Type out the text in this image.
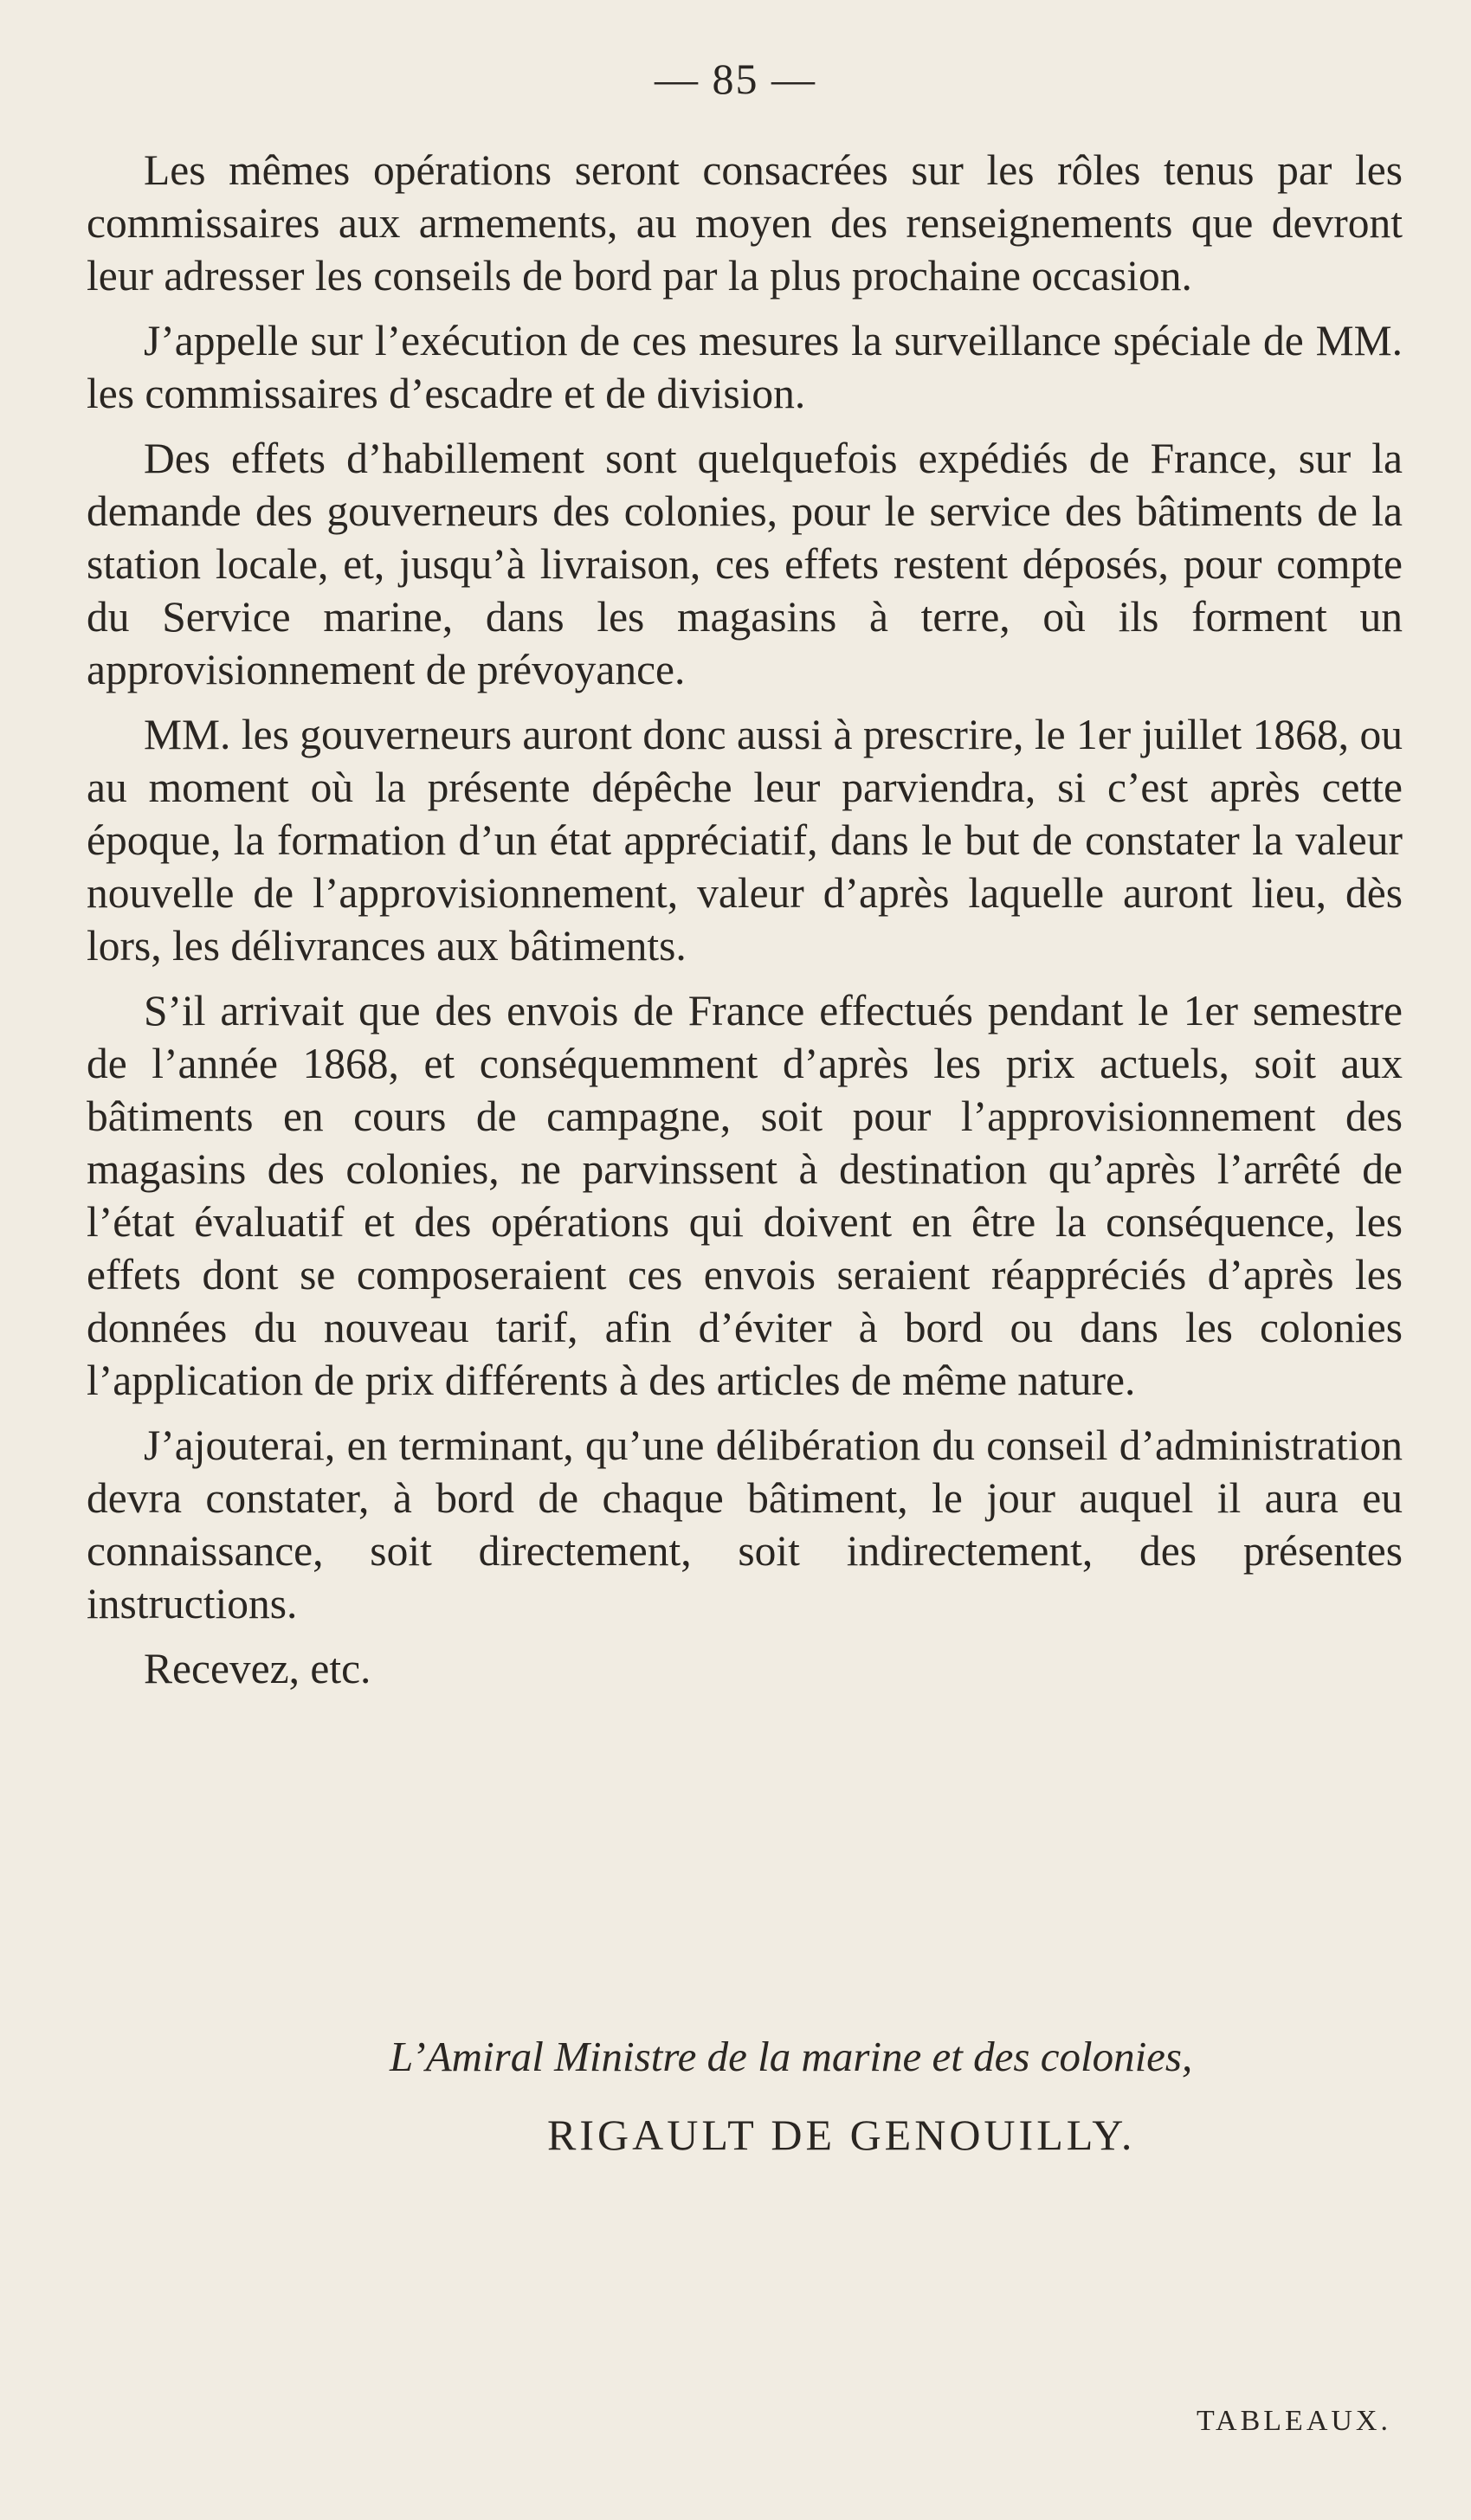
— 85 —

Les mêmes opérations seront consacrées sur les rôles tenus par les commissaires aux armements, au moyen des renseignements que devront leur adresser les conseils de bord par la plus prochaine occasion.

J’appelle sur l’exécution de ces mesures la surveillance spéciale de MM. les commissaires d’escadre et de division.

Des effets d’habillement sont quelquefois expédiés de France, sur la demande des gouverneurs des colonies, pour le service des bâtiments de la station locale, et, jusqu’à livraison, ces effets restent déposés, pour compte du Service marine, dans les magasins à terre, où ils forment un approvisionnement de prévoyance.

MM. les gouverneurs auront donc aussi à prescrire, le 1er juillet 1868, ou au moment où la présente dépêche leur parviendra, si c’est après cette époque, la formation d’un état appréciatif, dans le but de constater la valeur nouvelle de l’approvisionnement, valeur d’après laquelle auront lieu, dès lors, les délivrances aux bâtiments.

S’il arrivait que des envois de France effectués pendant le 1er semestre de l’année 1868, et conséquemment d’après les prix actuels, soit aux bâtiments en cours de campagne, soit pour l’approvisionnement des magasins des colonies, ne parvinssent à destination qu’après l’arrêté de l’état évaluatif et des opérations qui doivent en être la conséquence, les effets dont se composeraient ces envois seraient réappréciés d’après les données du nouveau tarif, afin d’éviter à bord ou dans les colonies l’application de prix différents à des articles de même nature.

J’ajouterai, en terminant, qu’une délibération du conseil d’administration devra constater, à bord de chaque bâtiment, le jour auquel il aura eu connaissance, soit directement, soit indirectement, des présentes instructions.

Recevez, etc.

L’Amiral Ministre de la marine et des colonies,
RIGAULT DE GENOUILLY.
TABLEAUX.
